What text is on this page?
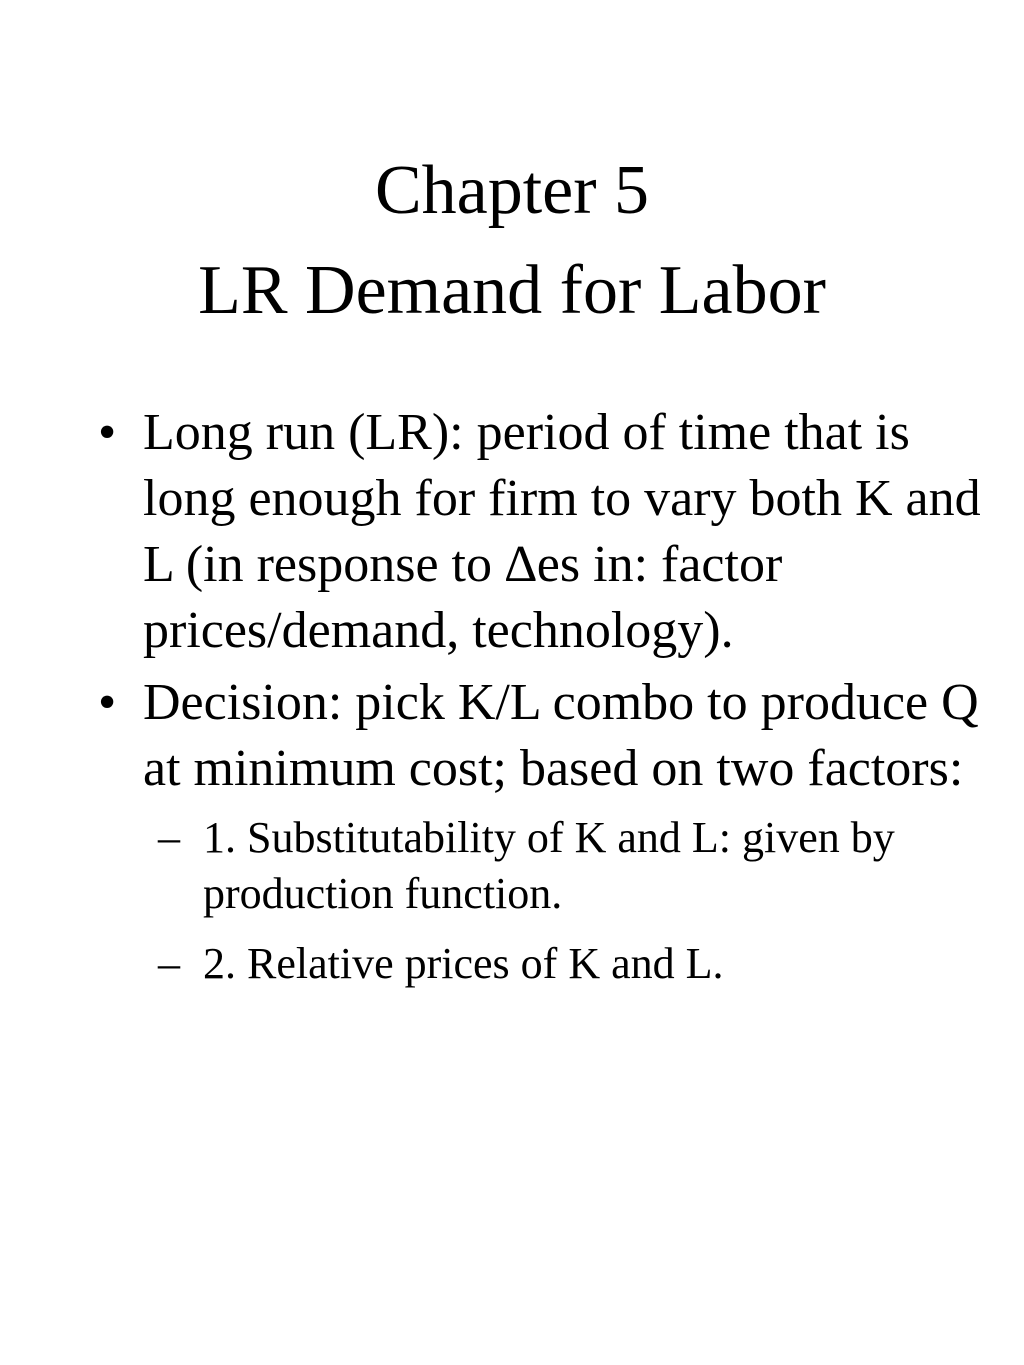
Chapter 5
LR Demand for Labor
• Long run (LR): period of time that is long enough for firm to vary both K and L (in response to ∆es in: factor prices/demand, technology).
• Decision: pick K/L combo to produce Q at minimum cost; based on two factors:
– 1. Substitutability of K and L: given by production function.
– 2. Relative prices of K and L.
